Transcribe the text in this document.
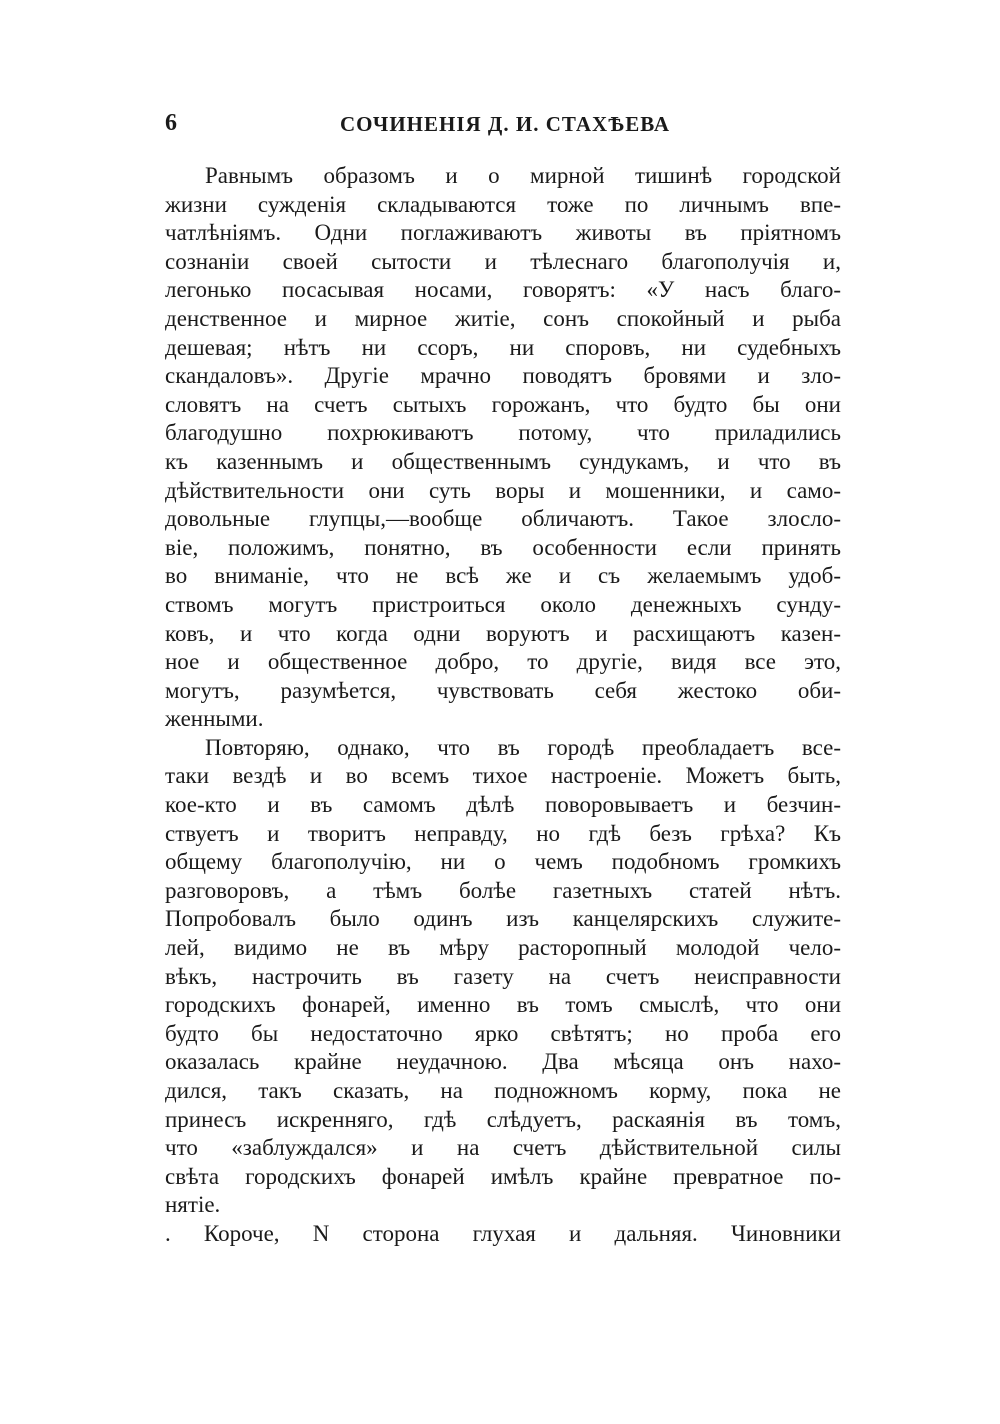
6	СОЧИНЕНІЯ Д. И. СТАХѢЕВА
Равнымъ образомъ и о мирной тишинѣ городской
жизни сужденія складываются тоже по личнымъ впе-
чатлѣніямъ. Одни поглаживаютъ животы въ пріятномъ
сознаніи своей сытости и тѣлеснаго благополучія и,
легонько посасывая носами, говорятъ: «У насъ благо-
денственное и мирное житіе, сонъ спокойный и рыба
дешевая; нѣтъ ни ссоръ, ни споровъ, ни судебныхъ
скандаловъ». Другіе мрачно поводятъ бровями и зло-
словятъ на счетъ сытыхъ горожанъ, что будто бы они
благодушно похрюкиваютъ потому, что приладились
къ казеннымъ и общественнымъ сундукамъ, и что въ
дѣйствительности они суть воры и мошенники, и само-
довольные глупцы,—вообще обличаютъ. Такое злосло-
віе, положимъ, понятно, въ особенности если принять
во вниманіе, что не всѣ же и съ желаемымъ удоб-
ствомъ могутъ пристроиться около денежныхъ сунду-
ковъ, и что когда одни воруютъ и расхищаютъ казен-
ное и общественное добро, то другіе, видя все это,
могутъ, разумѣется, чувствовать себя жестоко оби-
женными.
Повторяю, однако, что въ городѣ преобладаетъ все-
таки вездѣ и во всемъ тихое настроеніе. Можетъ быть,
кое-кто и въ самомъ дѣлѣ поворовываетъ и безчин-
ствуетъ и творитъ неправду, но гдѣ безъ грѣха? Къ
общему благополучію, ни о чемъ подобномъ громкихъ
разговоровъ, а тѣмъ болѣе газетныхъ статей нѣтъ.
Попробовалъ было одинъ изъ канцелярскихъ служите-
лей, видимо не въ мѣру расторопный молодой чело-
вѣкъ, настрочить въ газету на счетъ неисправности
городскихъ фонарей, именно въ томъ смыслѣ, что они
будто бы недостаточно ярко свѣтятъ; но проба его
оказалась крайне неудачною. Два мѣсяца онъ нахо-
дился, такъ сказать, на подножномъ корму, пока не
принесъ искренняго, гдѣ слѣдуетъ, раскаянія въ томъ,
что «заблуждался» и на счетъ дѣйствительной силы
свѣта городскихъ фонарей имѣлъ крайне превратное по-
нятіе.
. Короче, N сторона глухая и дальняя. Чиновники
